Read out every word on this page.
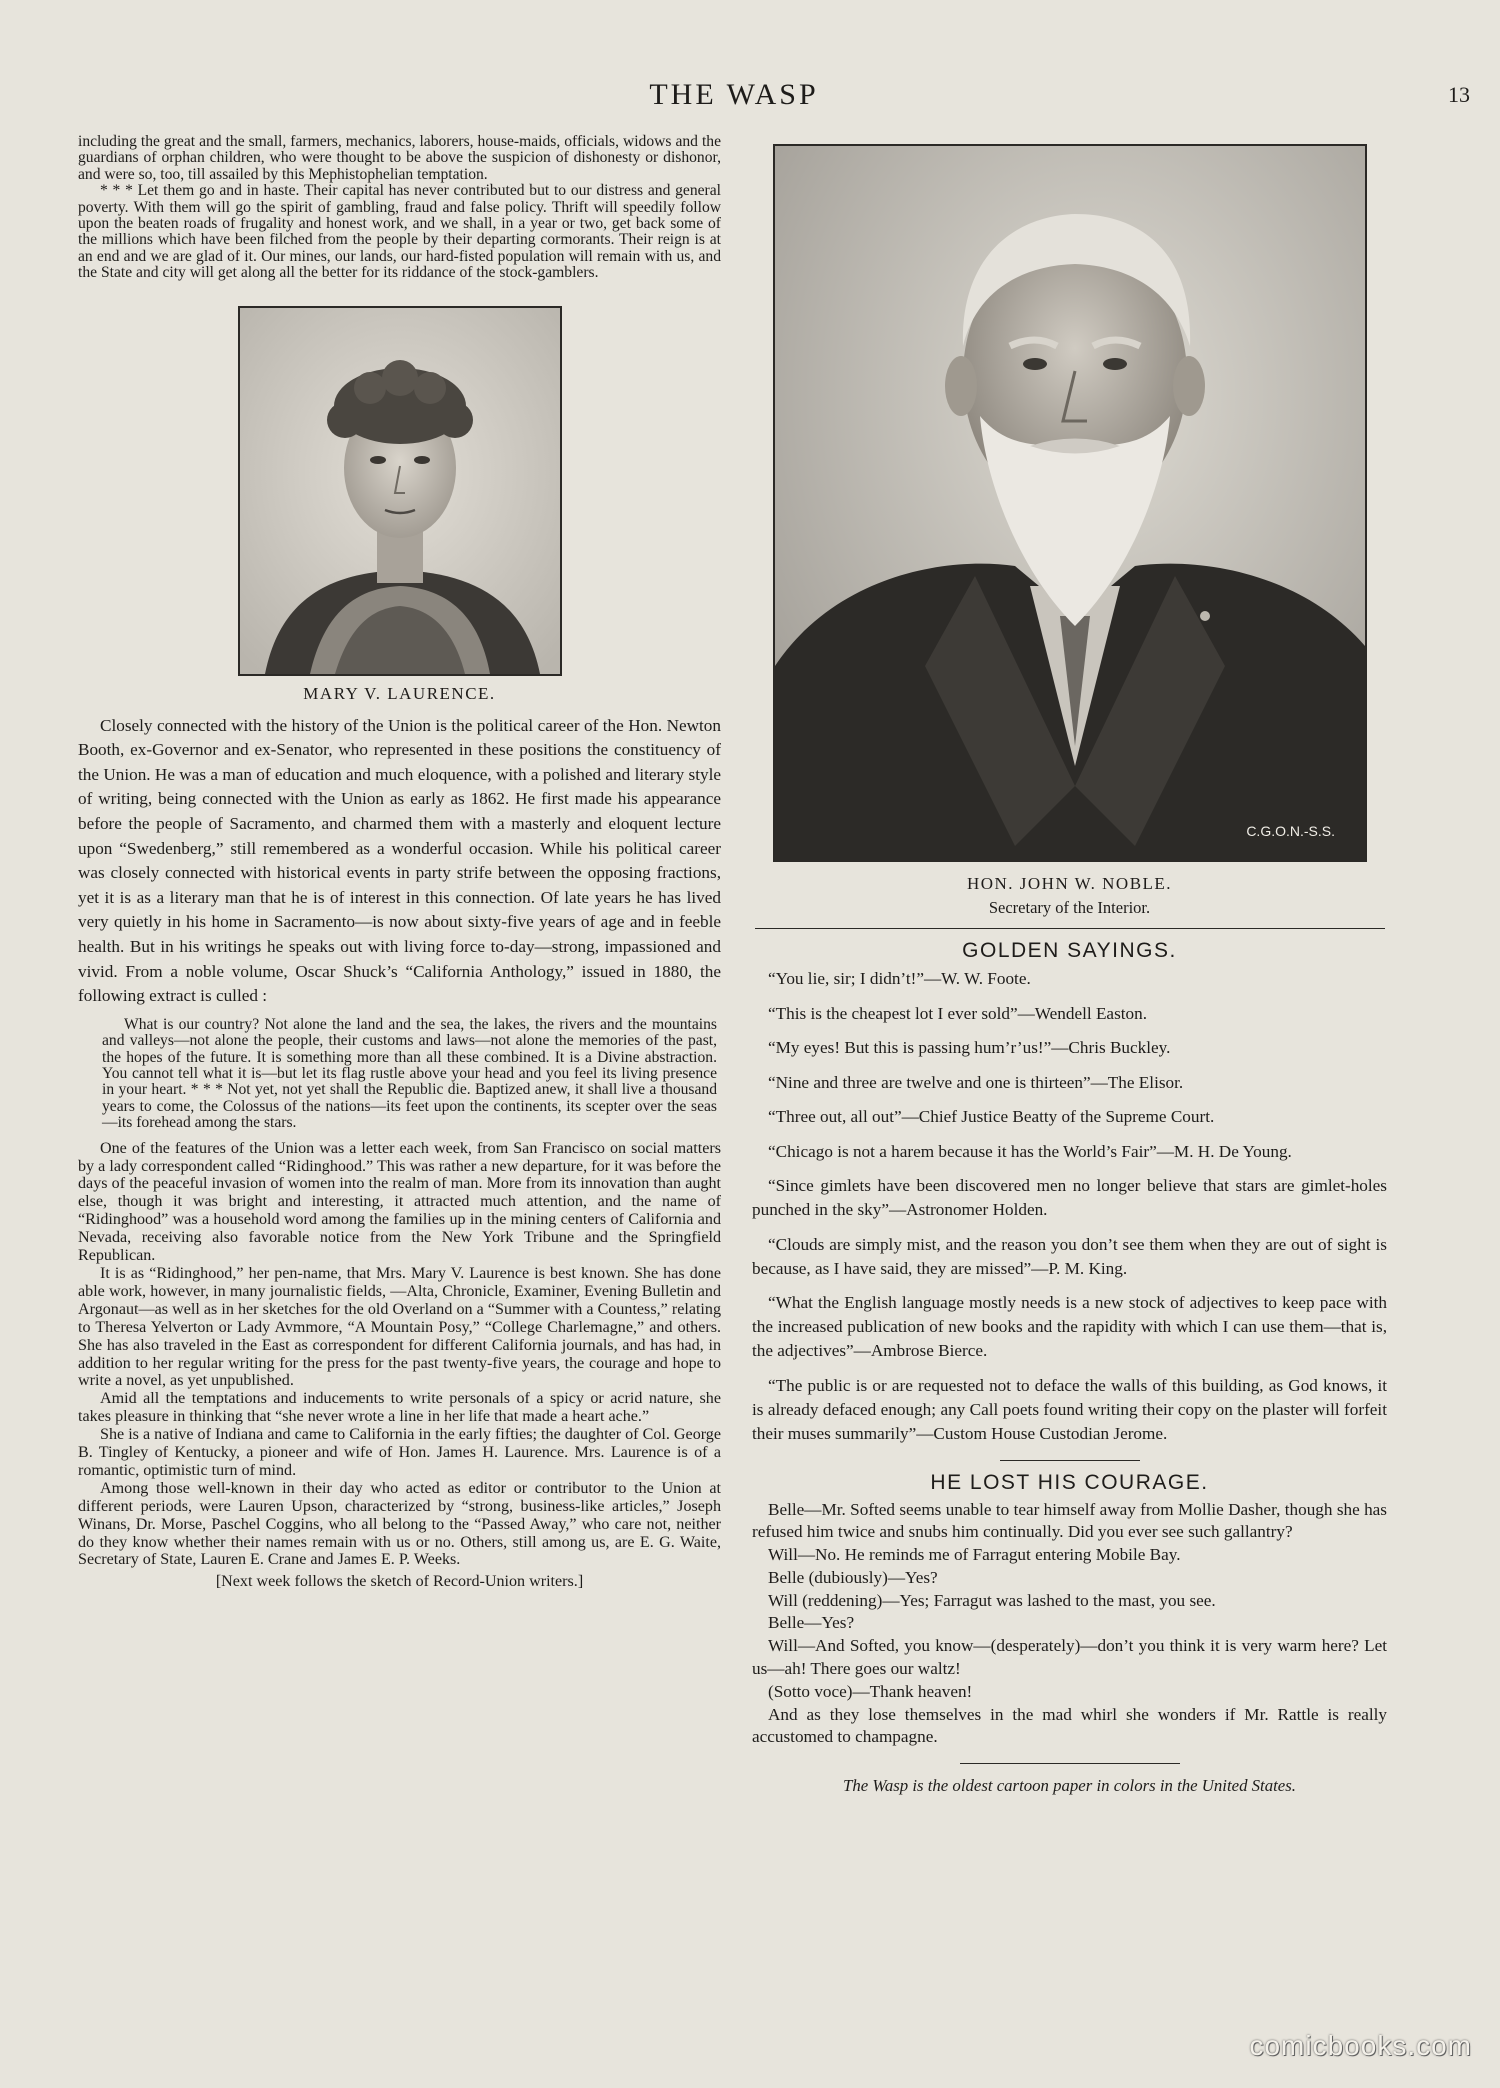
THE WASP	13

including the great and the small, farmers, mechanics, laborers, house-maids, officials, widows and the guardians of orphan children, who were thought to be above the suspicion of dishonesty or dishonor, and were so, too, till assailed by this Mephistophelian temptation.

* * * Let them go and in haste. Their capital has never contributed but to our distress and general poverty. With them will go the spirit of gambling, fraud and false policy. Thrift will speedily follow upon the beaten roads of frugality and honest work, and we shall, in a year or two, get back some of the millions which have been filched from the people by their departing cormorants. Their reign is at an end and we are glad of it. Our mines, our lands, our hard-fisted population will remain with us, and the State and city will get along all the better for its riddance of the stock-gamblers.

MARY V. LAURENCE.

Closely connected with the history of the Union is the political career of the Hon. Newton Booth, ex-Governor and ex-Senator, who represented in these positions the constituency of the Union. He was a man of education and much eloquence, with a polished and literary style of writing, being connected with the Union as early as 1862. He first made his appearance before the people of Sacramento, and charmed them with a masterly and eloquent lecture upon “Swedenberg,” still remembered as a wonderful occasion. While his political career was closely connected with historical events in party strife between the opposing fractions, yet it is as a literary man that he is of interest in this connection. Of late years he has lived very quietly in his home in Sacramento—is now about sixty-five years of age and in feeble health. But in his writings he speaks out with living force to-day—strong, impassioned and vivid. From a noble volume, Oscar Shuck’s “California Anthology,” issued in 1880, the following extract is culled :

What is our country? Not alone the land and the sea, the lakes, the rivers and the mountains and valleys—not alone the people, their customs and laws—not alone the memories of the past, the hopes of the future. It is something more than all these combined. It is a Divine abstraction. You cannot tell what it is—but let its flag rustle above your head and you feel its living presence in your heart. * * * Not yet, not yet shall the Republic die. Baptized anew, it shall live a thousand years to come, the Colossus of the nations—its feet upon the continents, its scepter over the seas—its forehead among the stars.

One of the features of the Union was a letter each week, from San Francisco on social matters by a lady correspondent called “Ridinghood.” This was rather a new departure, for it was before the days of the peaceful invasion of women into the realm of man. More from its innovation than aught else, though it was bright and interesting, it attracted much attention, and the name of “Ridinghood” was a household word among the families up in the mining centers of California and Nevada, receiving also favorable notice from the New York Tribune and the Springfield Republican.

It is as “Ridinghood,” her pen-name, that Mrs. Mary V. Laurence is best known. She has done able work, however, in many journalistic fields, —Alta, Chronicle, Examiner, Evening Bulletin and Argonaut—as well as in her sketches for the old Overland on a “Summer with a Countess,” relating to Theresa Yelverton or Lady Avmmore, “A Mountain Posy,” “College Charlemagne,” and others. She has also traveled in the East as correspondent for different California journals, and has had, in addition to her regular writing for the press for the past twenty-five years, the courage and hope to write a novel, as yet unpublished.

Amid all the temptations and inducements to write personals of a spicy or acrid nature, she takes pleasure in thinking that “she never wrote a line in her life that made a heart ache.”

She is a native of Indiana and came to California in the early fifties; the daughter of Col. George B. Tingley of Kentucky, a pioneer and wife of Hon. James H. Laurence. Mrs. Laurence is of a romantic, optimistic turn of mind.

Among those well-known in their day who acted as editor or contributor to the Union at different periods, were Lauren Upson, characterized by “strong, business-like articles,” Joseph Winans, Dr. Morse, Paschel Coggins, who all belong to the “Passed Away,” who care not, neither do they know whether their names remain with us or no. Others, still among us, are E. G. Waite, Secretary of State, Lauren E. Crane and James E. P. Weeks.

[Next week follows the sketch of Record-Union writers.]

C.G.O.N.-S.S.
HON. JOHN W. NOBLE.
Secretary of the Interior.
GOLDEN SAYINGS.

“You lie, sir; I didn’t!”—W. W. Foote.

“This is the cheapest lot I ever sold”—Wendell Easton.

“My eyes! But this is passing hum’r’us!”—Chris Buckley.

“Nine and three are twelve and one is thirteen”—The Elisor.

“Three out, all out”—Chief Justice Beatty of the Supreme Court.

“Chicago is not a harem because it has the World’s Fair”—M. H. De Young.

“Since gimlets have been discovered men no longer believe that stars are gimlet-holes punched in the sky”—Astronomer Holden.

“Clouds are simply mist, and the reason you don’t see them when they are out of sight is because, as I have said, they are missed”—P. M. King.

“What the English language mostly needs is a new stock of adjectives to keep pace with the increased publication of new books and the rapidity with which I can use them—that is, the adjectives”—Ambrose Bierce.

“The public is or are requested not to deface the walls of this building, as God knows, it is already defaced enough; any Call poets found writing their copy on the plaster will forfeit their muses summarily”—Custom House Custodian Jerome.

HE LOST HIS COURAGE.

Belle—Mr. Softed seems unable to tear himself away from Mollie Dasher, though she has refused him twice and snubs him continually. Did you ever see such gallantry?

Will—No. He reminds me of Farragut entering Mobile Bay.

Belle (dubiously)—Yes?

Will (reddening)—Yes; Farragut was lashed to the mast, you see.

Belle—Yes?

Will—And Softed, you know—(desperately)—don’t you think it is very warm here? Let us—ah! There goes our waltz!

(Sotto voce)—Thank heaven!

And as they lose themselves in the mad whirl she wonders if Mr. Rattle is really accustomed to champagne.

The Wasp is the oldest cartoon paper in colors in the United States.
comicbooks.com
